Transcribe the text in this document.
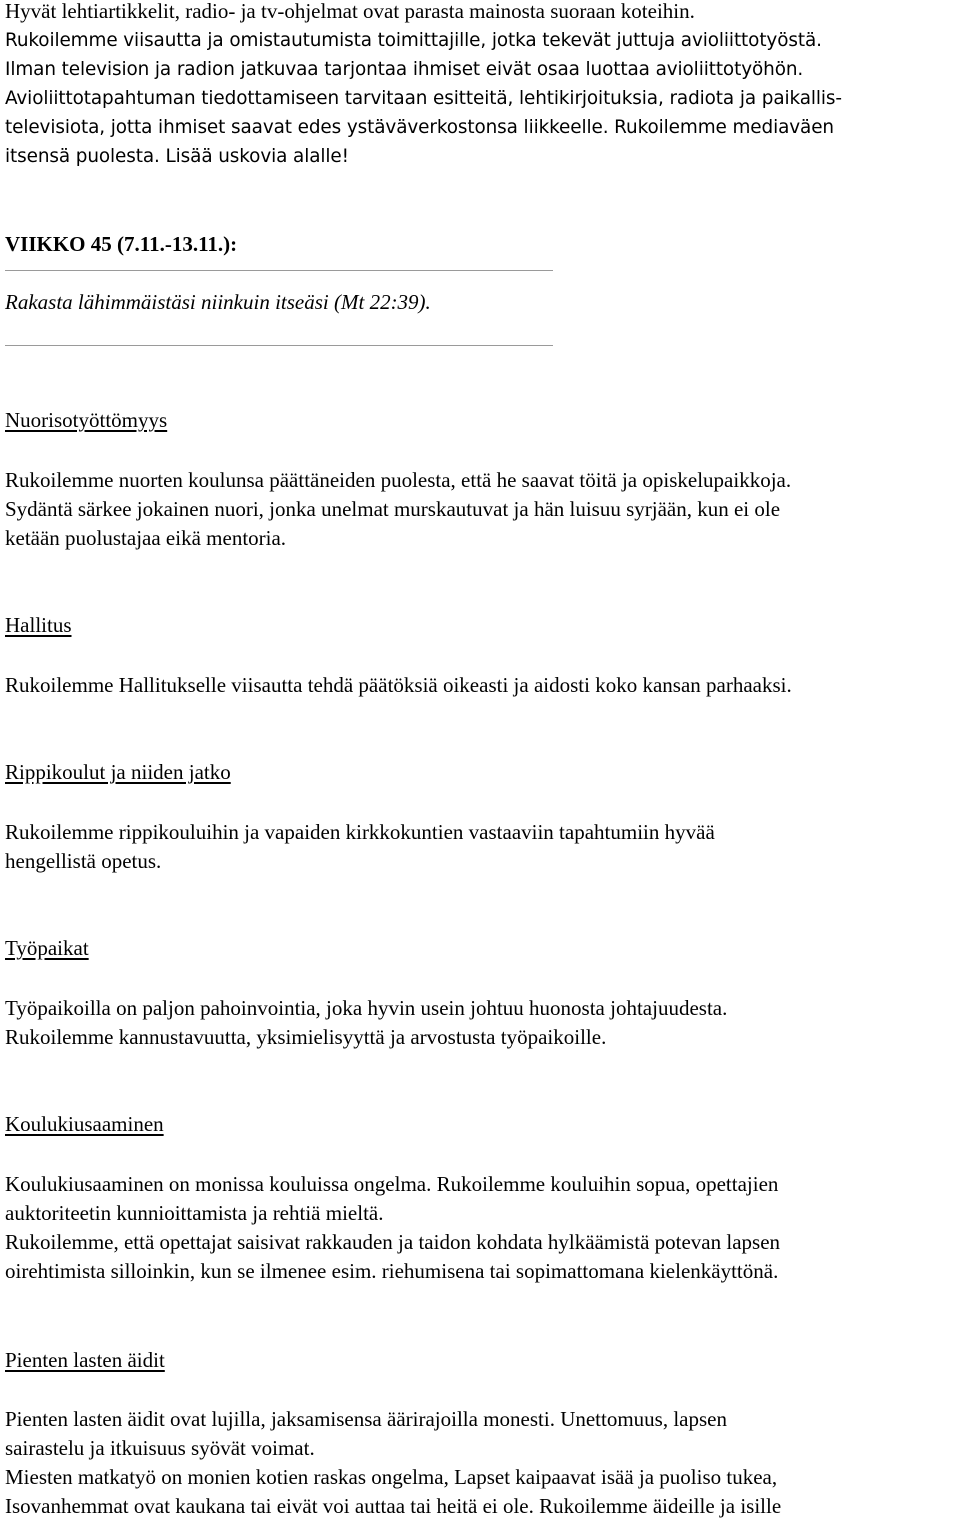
Hyvät lehtiartikkelit, radio- ja tv-ohjelmat ovat parasta mainosta suoraan koteihin.
Rukoilemme viisautta ja omistautumista toimittajille, jotka tekevät juttuja avioliittotyöstä.
Ilman television ja radion jatkuvaa tarjontaa ihmiset eivät osaa luottaa avioliittotyöhön.
Avioliittotapahtuman tiedottamiseen tarvitaan esitteitä, lehtikirjoituksia, radiota ja paikallis-
televisiota, jotta ihmiset saavat edes ystäväverkostonsa liikkeelle. Rukoilemme mediaväen
itsensä puolesta. Lisää uskovia alalle!
VIIKKO 45 (7.11.-13.11.):
Rakasta lähimmäistäsi niinkuin itseäsi (Mt 22:39).
Nuorisotyöttömyys
Rukoilemme nuorten koulunsa päättäneiden puolesta, että he saavat töitä ja opiskelupaikkoja.
Sydäntä särkee jokainen nuori, jonka unelmat murskautuvat ja hän luisuu syrjään, kun ei ole
ketään puolustajaa eikä mentoria.
Hallitus
Rukoilemme Hallitukselle viisautta tehdä päätöksiä oikeasti ja aidosti koko kansan parhaaksi.
Rippikoulut ja niiden jatko
Rukoilemme rippikouluihin ja vapaiden kirkkokuntien vastaaviin tapahtumiin hyvää
hengellistä opetus.
Työpaikat
Työpaikoilla on paljon pahoinvointia, joka hyvin usein johtuu huonosta johtajuudesta.
Rukoilemme kannustavuutta, yksimielisyyttä ja arvostusta työpaikoille.
Koulukiusaaminen
Koulukiusaaminen on monissa kouluissa ongelma. Rukoilemme kouluihin sopua, opettajien
auktoriteetin kunnioittamista ja rehtiä mieltä.
Rukoilemme, että opettajat saisivat rakkauden ja taidon kohdata hylkäämistä potevan lapsen
oirehtimista silloinkin, kun se ilmenee esim. riehumisena tai sopimattomana kielenkäyttönä.
Pienten lasten äidit
Pienten lasten äidit ovat lujilla, jaksamisensa äärirajoilla monesti. Unettomuus, lapsen
sairastelu ja itkuisuus syövät voimat.
Miesten matkatyö on monien kotien raskas ongelma, Lapset kaipaavat isää ja puoliso tukea,
Isovanhemmat ovat kaukana tai eivät voi auttaa tai heitä ei ole. Rukoilemme äideille ja isille
